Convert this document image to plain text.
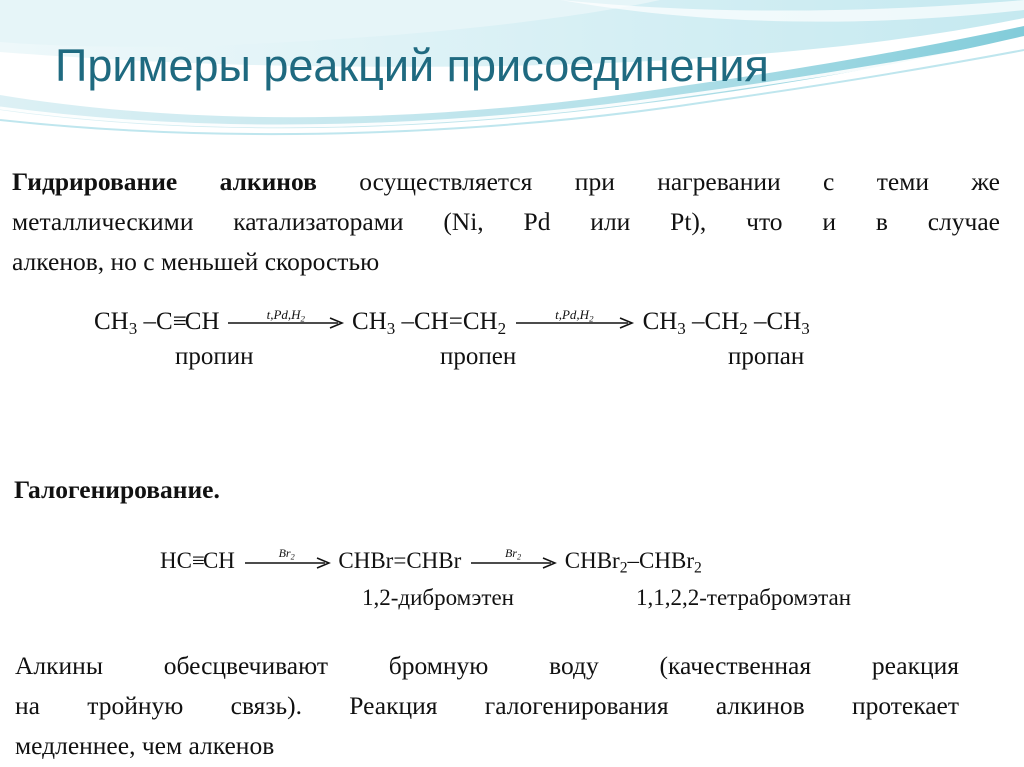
Примеры реакций присоединения

Гидрирование алкинов осуществляется при нагревании с теми же
металлическими катализаторами (Ni, Pd или Pt), что и в случае
алкенов, но с меньшей скоростью

$CH_3$ –C≡CH	$t,Pd,H_2$	$CH_3$ $-CH=CH_2$
$t,Pd,H_2$	$CH_3$ $-CH_2$ $-CH_3$
пропин	пропен	пропан
Галогенирование.
HC≡CH	$Br_2$	CHBr=CHBr	$Br_2$	CHBr$_2$–CHBr$_2$
1,2-дибромэтен	1,1,2,2-тетрабромэтан

Алкины обесцвечивают бромную воду (качественная реакция
на тройную связь). Реакция галогенирования алкинов протекает
медленнее, чем алкенов
